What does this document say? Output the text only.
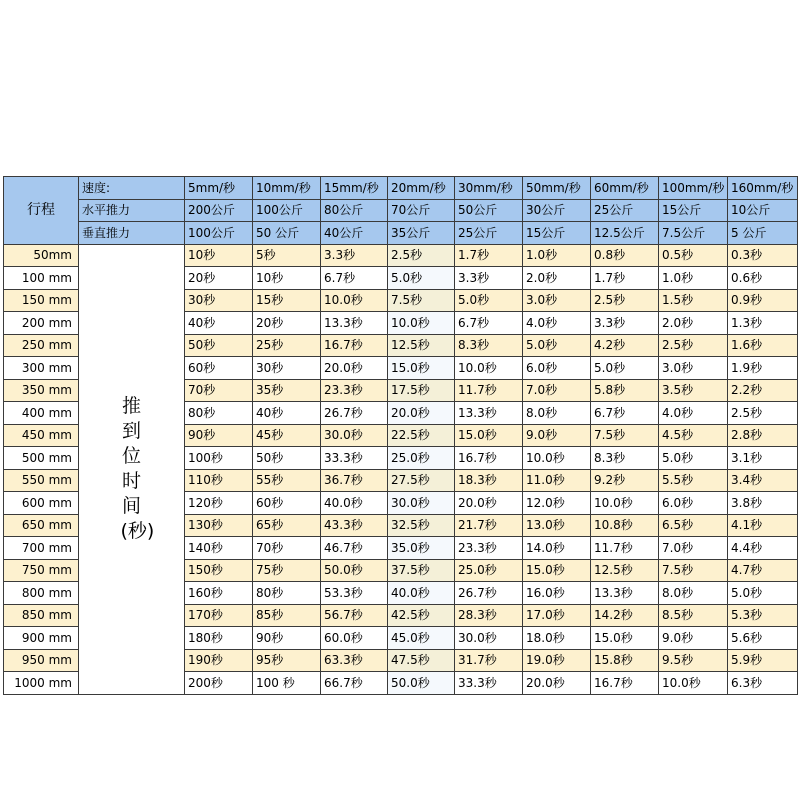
行程	速度:	5mm/秒	10mm/秒	15mm/秒	20mm/秒	30mm/秒	50mm/秒	60mm/秒	100mm/秒	160mm/秒
	水平推力	200公斤	100公斤	80公斤	70公斤	50公斤	30公斤	25公斤	15公斤	10公斤
	垂直推力	100公斤	50 公斤	40公斤	35公斤	25公斤	15公斤	12.5公斤	7.5公斤	5 公斤
50mm	推到位时间(秒)	10秒	5秒	3.3秒	2.5秒	1.7秒	1.0秒	0.8秒	0.5秒	0.3秒
100 mm		20秒	10秒	6.7秒	5.0秒	3.3秒	2.0秒	1.7秒	1.0秒	0.6秒
150 mm		30秒	15秒	10.0秒	7.5秒	5.0秒	3.0秒	2.5秒	1.5秒	0.9秒
200 mm		40秒	20秒	13.3秒	10.0秒	6.7秒	4.0秒	3.3秒	2.0秒	1.3秒
250 mm		50秒	25秒	16.7秒	12.5秒	8.3秒	5.0秒	4.2秒	2.5秒	1.6秒
300 mm		60秒	30秒	20.0秒	15.0秒	10.0秒	6.0秒	5.0秒	3.0秒	1.9秒
350 mm		70秒	35秒	23.3秒	17.5秒	11.7秒	7.0秒	5.8秒	3.5秒	2.2秒
400 mm		80秒	40秒	26.7秒	20.0秒	13.3秒	8.0秒	6.7秒	4.0秒	2.5秒
450 mm		90秒	45秒	30.0秒	22.5秒	15.0秒	9.0秒	7.5秒	4.5秒	2.8秒
500 mm		100秒	50秒	33.3秒	25.0秒	16.7秒	10.0秒	8.3秒	5.0秒	3.1秒
550 mm		110秒	55秒	36.7秒	27.5秒	18.3秒	11.0秒	9.2秒	5.5秒	3.4秒
600 mm		120秒	60秒	40.0秒	30.0秒	20.0秒	12.0秒	10.0秒	6.0秒	3.8秒
650 mm		130秒	65秒	43.3秒	32.5秒	21.7秒	13.0秒	10.8秒	6.5秒	4.1秒
700 mm		140秒	70秒	46.7秒	35.0秒	23.3秒	14.0秒	11.7秒	7.0秒	4.4秒
750 mm		150秒	75秒	50.0秒	37.5秒	25.0秒	15.0秒	12.5秒	7.5秒	4.7秒
800 mm		160秒	80秒	53.3秒	40.0秒	26.7秒	16.0秒	13.3秒	8.0秒	5.0秒
850 mm		170秒	85秒	56.7秒	42.5秒	28.3秒	17.0秒	14.2秒	8.5秒	5.3秒
900 mm		180秒	90秒	60.0秒	45.0秒	30.0秒	18.0秒	15.0秒	9.0秒	5.6秒
950 mm		190秒	95秒	63.3秒	47.5秒	31.7秒	19.0秒	15.8秒	9.5秒	5.9秒
1000 mm		200秒	100 秒	66.7秒	50.0秒	33.3秒	20.0秒	16.7秒	10.0秒	6.3秒
